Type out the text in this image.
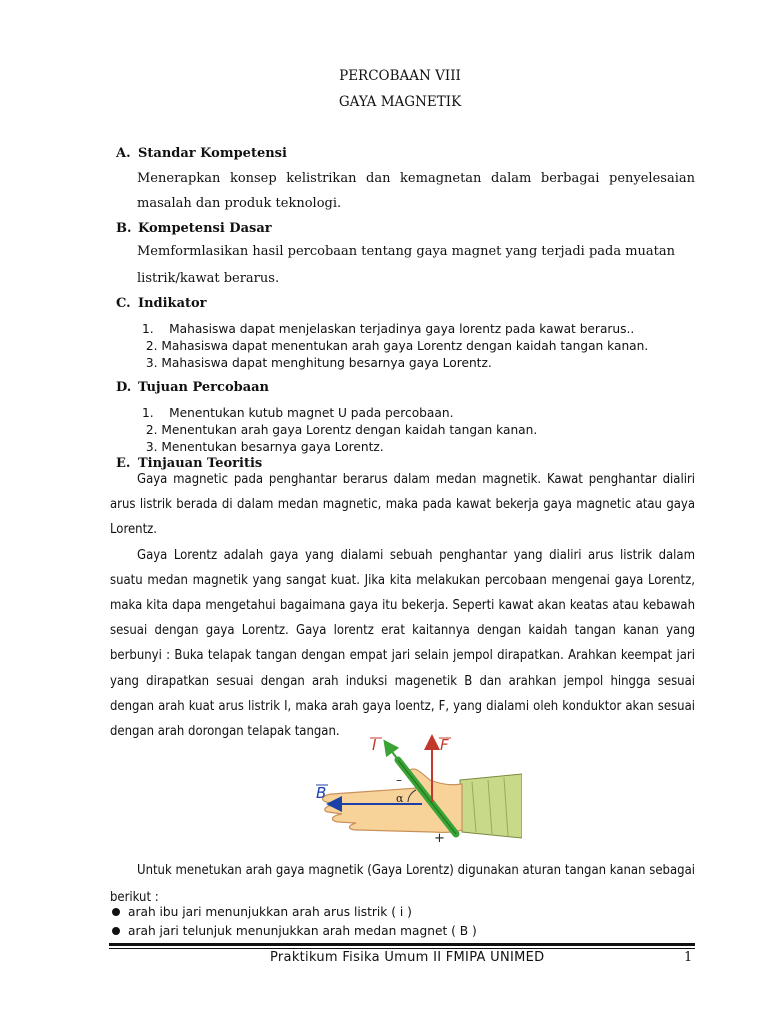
PERCOBAAN VIII
GAYA MAGNETIK
A. Standar Kompetensi
Menerapkan konsep kelistrikan dan kemagnetan dalam berbagai penyelesaian masalah dan produk teknologi.
B. Kompetensi Dasar
Memformlasikan hasil percobaan tentang gaya magnet yang terjadi pada muatan
listrik/kawat berarus.
C. Indikator
1.    Mahasiswa dapat menjelaskan terjadinya gaya lorentz pada kawat berarus..
2. Mahasiswa dapat menentukan arah gaya Lorentz dengan kaidah tangan kanan.
3. Mahasiswa dapat menghitung besarnya gaya Lorentz.
D. Tujuan Percobaan
1.    Menentukan kutub magnet U pada percobaan.
2. Menentukan arah gaya Lorentz dengan kaidah tangan kanan.
3. Menentukan besarnya gaya Lorentz.
E. Tinjauan Teoritis

Gaya magnetic pada penghantar berarus dalam medan magnetik. Kawat penghantar dialiri arus listrik berada di dalam medan magnetic, maka pada kawat bekerja gaya magnetic atau gaya Lorentz.

Gaya Lorentz adalah gaya yang dialami sebuah penghantar yang dialiri arus listrik dalam suatu medan magnetik yang sangat kuat. Jika kita melakukan percobaan mengenai gaya Lorentz, maka kita dapa mengetahui bagaimana gaya itu bekerja. Seperti kawat akan keatas atau kebawah sesuai dengan gaya Lorentz. Gaya lorentz erat kaitannya dengan kaidah tangan kanan yang berbunyi : Buka telapak tangan dengan empat jari selain jempol dirapatkan. Arahkan keempat jari yang dirapatkan sesuai dengan arah induksi magenetik B dan arahkan jempol hingga sesuai dengan arah kuat arus listrik I, maka arah gaya loentz, F, yang dialami oleh konduktor akan sesuai dengan arah dorongan telapak tangan.

I	F
B	α
–
+

Untuk menetukan arah gaya magnetik (Gaya Lorentz) digunakan aturan tangan kanan sebagai berikut :

arah ibu jari menunjukkan arah arus listrik ( i )
arah jari telunjuk menunjukkan arah medan magnet ( B )
Praktikum Fisika Umum II FMIPA UNIMED	1
